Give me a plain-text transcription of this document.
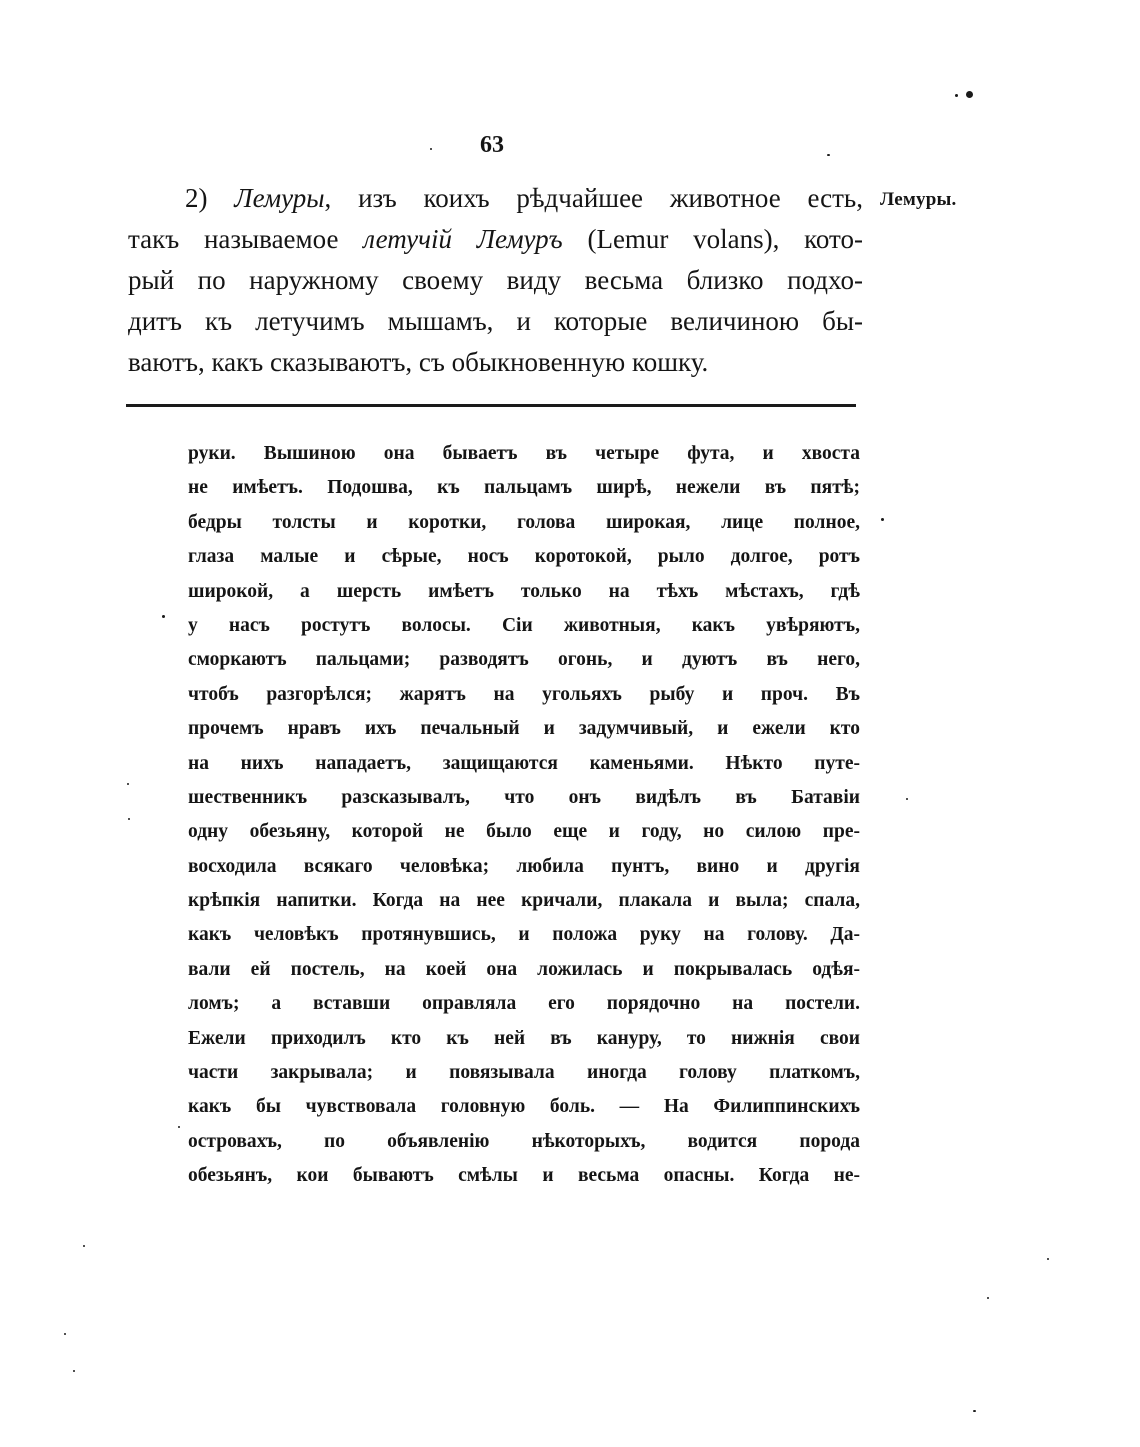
63
Лемуры.
2) Лемуры, изъ коихъ рѣдчайшее животное есть,
такъ называемое летучій Лемуръ (Lemur volans), кото-
рый по наружному своему виду весьма близко подхо-
дитъ къ летучимъ мышамъ, и которые величиною бы-
ваютъ, какъ сказываютъ, съ обыкновенную кошку.
руки. Вышиною она бываетъ въ четыре фута, и хвоста
не имѣетъ. Подошва, къ пальцамъ ширѣ, нежели въ пятѣ;
бедры толсты и коротки, голова широкая, лице полное,
глаза малые и сѣрые, носъ коротокой, рыло долгое, ротъ
широкой, а шерсть имѣетъ только на тѣхъ мѣстахъ, гдѣ
у насъ ростутъ волосы. Сіи животныя, какъ увѣряютъ,
сморкаютъ пальцами; разводятъ огонь, и дуютъ въ него,
чтобъ разгорѣлся; жарятъ на угольяхъ рыбу и проч. Въ
прочемъ нравъ ихъ печальный и задумчивый, и ежели кто
на нихъ нападаетъ, защищаются каменьями. Нѣкто путе-
шественникъ разсказывалъ, что онъ видѣлъ въ Батавіи
одну обезьяну, которой не было еще и году, но силою пре-
восходила всякаго человѣка; любила пунтъ, вино и другія
крѣпкія напитки. Когда на нее кричали, плакала и выла; спала,
какъ человѣкъ протянувшись, и положа руку на голову. Да-
вали ей постель, на коей она ложилась и покрывалась одѣя-
ломъ; а вставши оправляла его порядочно на постели.
Ежели приходилъ кто къ ней въ кануру, то нижнія свои
части закрывала; и повязывала иногда голову платкомъ,
какъ бы чувствовала головную боль. — На Филиппинскихъ
островахъ, по объявленію нѣкоторыхъ, водится порода
обезьянъ, кои бываютъ смѣлы и весьма опасны. Когда не-
